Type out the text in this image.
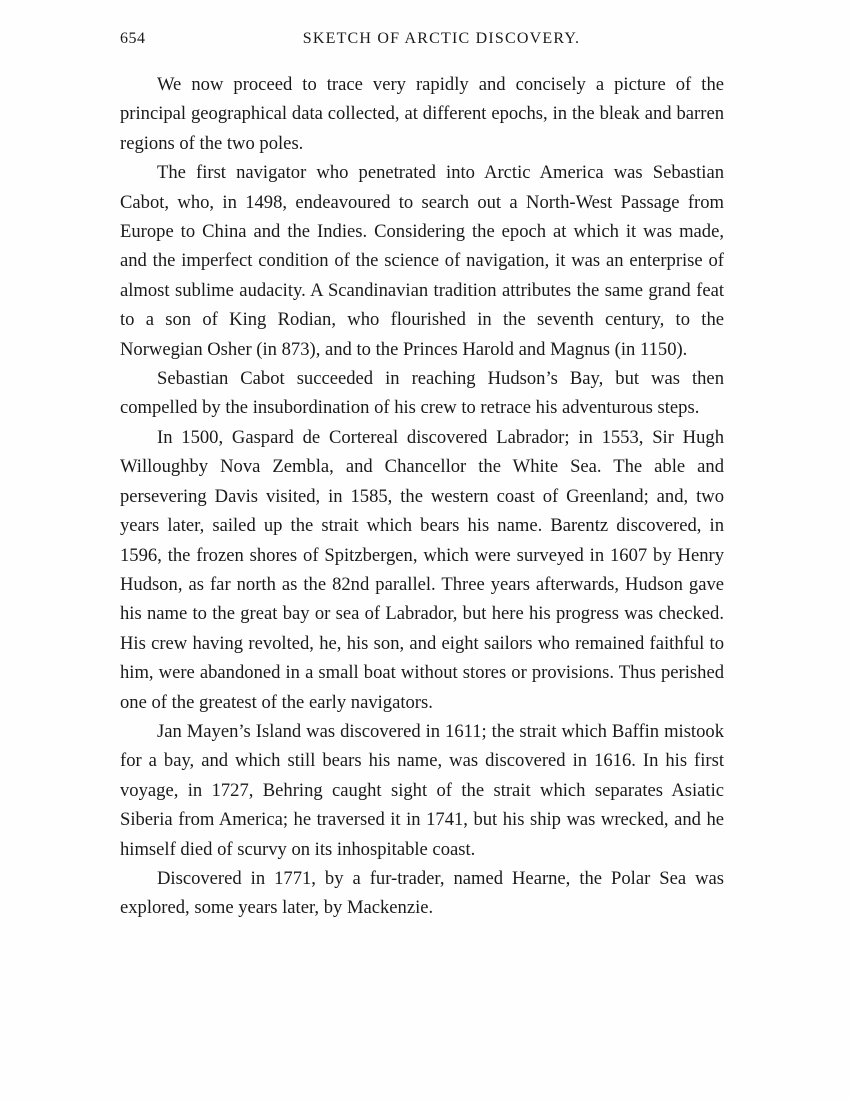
654	SKETCH OF ARCTIC DISCOVERY.

We now proceed to trace very rapidly and concisely a picture of the principal geographical data collected, at different epochs, in the bleak and barren regions of the two poles.

The first navigator who penetrated into Arctic America was Sebastian Cabot, who, in 1498, endeavoured to search out a North-West Passage from Europe to China and the Indies. Considering the epoch at which it was made, and the imperfect condition of the science of navigation, it was an enterprise of almost sublime audacity. A Scandinavian tradition attributes the same grand feat to a son of King Rodian, who flourished in the seventh century, to the Norwegian Osher (in 873), and to the Princes Harold and Magnus (in 1150).

Sebastian Cabot succeeded in reaching Hudson’s Bay, but was then compelled by the insubordination of his crew to retrace his adventurous steps.

In 1500, Gaspard de Cortereal discovered Labrador; in 1553, Sir Hugh Willoughby Nova Zembla, and Chancellor the White Sea. The able and persevering Davis visited, in 1585, the western coast of Greenland; and, two years later, sailed up the strait which bears his name. Barentz discovered, in 1596, the frozen shores of Spitzbergen, which were surveyed in 1607 by Henry Hudson, as far north as the 82nd parallel. Three years afterwards, Hudson gave his name to the great bay or sea of Labrador, but here his progress was checked. His crew having revolted, he, his son, and eight sailors who remained faithful to him, were abandoned in a small boat without stores or provisions. Thus perished one of the greatest of the early navigators.

Jan Mayen’s Island was discovered in 1611; the strait which Baffin mistook for a bay, and which still bears his name, was discovered in 1616. In his first voyage, in 1727, Behring caught sight of the strait which separates Asiatic Siberia from America; he traversed it in 1741, but his ship was wrecked, and he himself died of scurvy on its inhospitable coast.

Discovered in 1771, by a fur-trader, named Hearne, the Polar Sea was explored, some years later, by Mackenzie.
